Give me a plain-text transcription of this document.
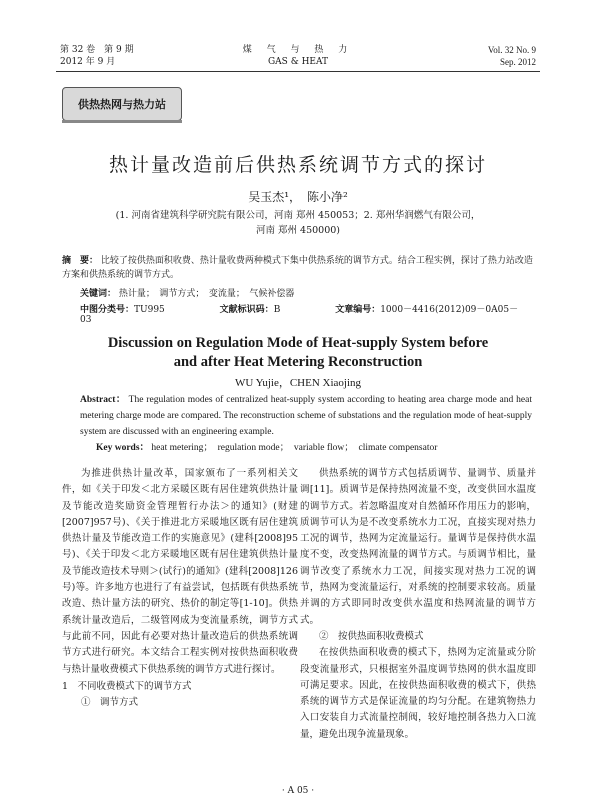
第 32 卷　第 9 期
2012 年 9 月
煤 气 与 热 力
GAS & HEAT
Vol. 32 No. 9
Sep. 2012
供热热网与热力站
热计量改造前后供热系统调节方式的探讨
吴玉杰¹，　陈小净²
(1. 河南省建筑科学研究院有限公司，河南 郑州 450053；2. 郑州华润燃气有限公司，
河南 郑州 450000)
摘　要： 比较了按供热面积收费、热计量收费两种模式下集中供热系统的调节方式。结合工程实例，探讨了热力站改造方案和供热系统的调节方式。
关键词： 热计量；　调节方式；　变流量；　气候补偿器
中图分类号：TU995	文献标识码：B	文章编号：1000－4416(2012)09－0A05－03
Discussion on Regulation Mode of Heat-supply System before
and after Heat Metering Reconstruction
WU Yujie，CHEN Xiaojing
Abstract： The regulation modes of centralized heat-supply system according to heating area charge mode and heat metering charge mode are compared. The reconstruction scheme of substations and the regulation mode of heat-supply system are discussed with an engineering example.
Key words： heat metering；　regulation mode；　variable flow；　climate compensator

为推进供热计量改革，国家颁布了一系列相关文件，如《关于印发＜北方采暖区既有居住建筑供热计量及节能改造奖励资金管理暂行办法＞的通知》(财建[2007]957号)、《关于推进北方采暖地区既有居住建筑供热计量及节能改造工作的实施意见》(建科[2008]95号)、《关于印发＜北方采暖地区既有居住建筑供热计量及节能改造技术导则＞(试行)的通知》(建科[2008]126号)等。许多地方也进行了有益尝试，包括既有供热系统改造、热计量方法的研究、热价的制定等[1-10]。供热系统计量改造后，二级管网成为变流量系统，调节方式与此前不同，因此有必要对热计量改造后的供热系统调节方式进行研究。本文结合工程实例对按供热面积收费与热计量收费模式下供热系统的调节方式进行探讨。

1　不同收费模式下的调节方式

①　调节方式

供热系统的调节方式包括质调节、量调节、质量并调[11]。质调节是保持热网流量不变，改变供回水温度的调节方式。若忽略温度对自然循环作用压力的影响，质调节可认为是不改变系统水力工况，直接实现对热力工况的调节，热网为定流量运行。量调节是保持供水温度不变，改变热网流量的调节方式。与质调节相比，量调节改变了系统水力工况，间接实现对热力工况的调节，热网为变流量运行，对系统的控制要求较高。质量并调的方式即同时改变供水温度和热网流量的调节方式。

②　按供热面积收费模式

在按供热面积收费的模式下，热网为定流量或分阶段变流量形式，只根据室外温度调节热网的供水温度即可满足要求。因此，在按供热面积收费的模式下，供热系统的调节方式是保证流量的均匀分配。在建筑物热力入口安装自力式流量控制阀，较好地控制各热力入口流量，避免出现争流量现象。

· A 05 ·
